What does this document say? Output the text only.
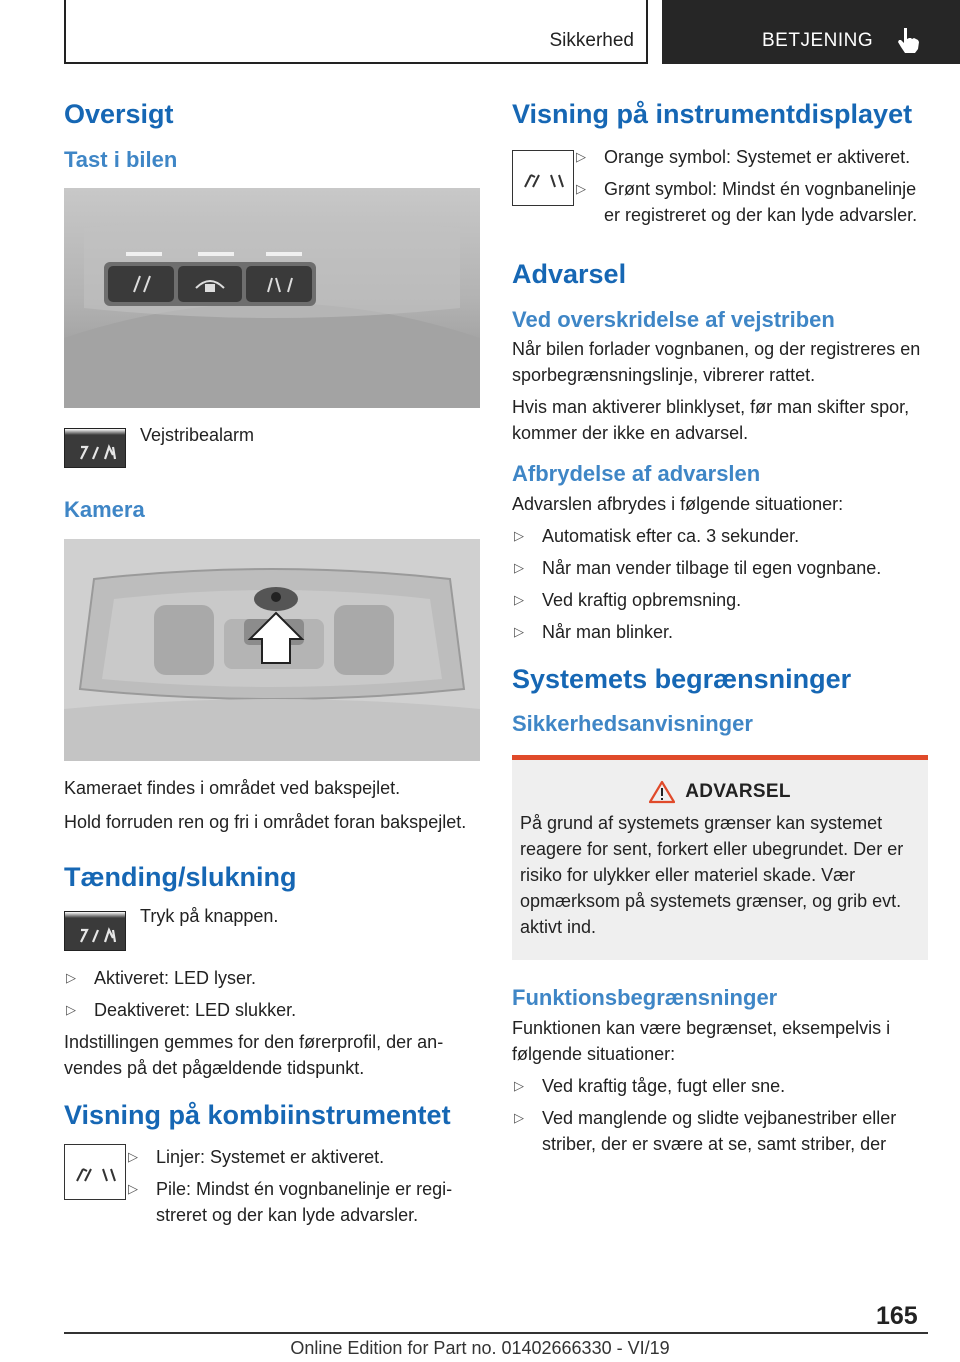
Sikkerhed	BETJENING
Oversigt
Tast i bilen

Vejstribealarm

Kamera

Kameraet findes i området ved bakspejlet.

Hold forruden ren og fri i området foran bakspejlet.

Tænding/slukning

Tryk på knappen.

▷ Aktiveret: LED lyser.
▷ Deaktiveret: LED slukker.

Indstillingen gemmes for den førerprofil, der anvendes på det pågældende tidspunkt.

Visning på kombiinstrumentet
▷ Linjer: Systemet er aktiveret.
▷ Pile: Mindst én vognbanelinje er registreret og der kan lyde advarsler.
Visning på instrumentdisplayet
▷ Orange symbol: Systemet er aktiveret.
▷ Grønt symbol: Mindst én vognbanelinje er registreret og der kan lyde advarsler.
Advarsel
Ved overskridelse af vejstriben

Når bilen forlader vognbanen, og der registreres en sporbegrænsningslinje, vibrerer rattet.

Hvis man aktiverer blinklyset, før man skifter spor, kommer der ikke en advarsel.

Afbrydelse af advarslen

Advarslen afbrydes i følgende situationer:

▷ Automatisk efter ca. 3 sekunder.
▷ Når man vender tilbage til egen vognbane.
▷ Ved kraftig opbremsning.
▷ Når man blinker.
Systemets begrænsninger
Sikkerhedsanvisninger
ADVARSEL

På grund af systemets grænser kan systemet reagere for sent, forkert eller ubegrundet. Der er risiko for ulykker eller materiel skade. Vær opmærksom på systemets grænser, og grib evt. aktivt ind.

Funktionsbegrænsninger

Funktionen kan være begrænset, eksempelvis i følgende situationer:

▷ Ved kraftig tåge, fugt eller sne.
▷ Ved manglende og slidte vejbanestriber eller striber, der er svære at se, samt striber, der
165
Online Edition for Part no. 01402666330 - VI/19
